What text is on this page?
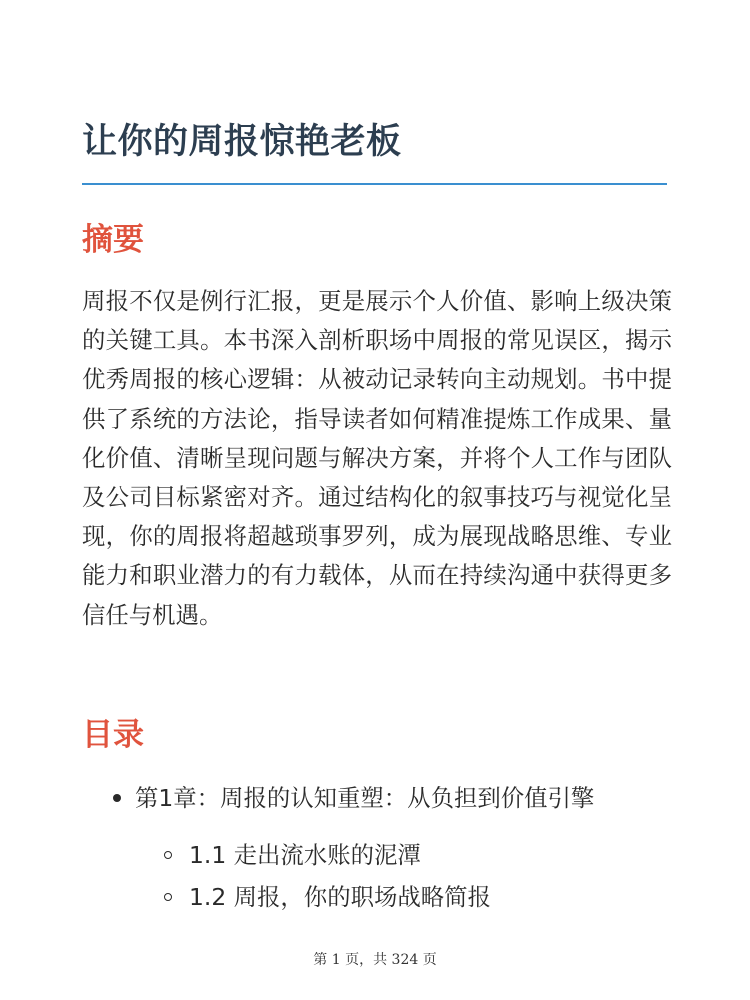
让你的周报惊艳老板
摘要

周报不仅是例行汇报，更是展示个人价值、影响上级决策的关键工具。本书深入剖析职场中周报的常见误区，揭示优秀周报的核心逻辑：从被动记录转向主动规划。书中提供了系统的方法论，指导读者如何精准提炼工作成果、量化价值、清晰呈现问题与解决方案，并将个人工作与团队及公司目标紧密对齐。通过结构化的叙事技巧与视觉化呈现，你的周报将超越琐事罗列，成为展现战略思维、专业能力和职业潜力的有力载体，从而在持续沟通中获得更多信任与机遇。

目录
第1章：周报的认知重塑：从负担到价值引擎
1.1 走出流水账的泥潭
1.2 周报，你的职场战略简报
第 1 页，共 324 页
